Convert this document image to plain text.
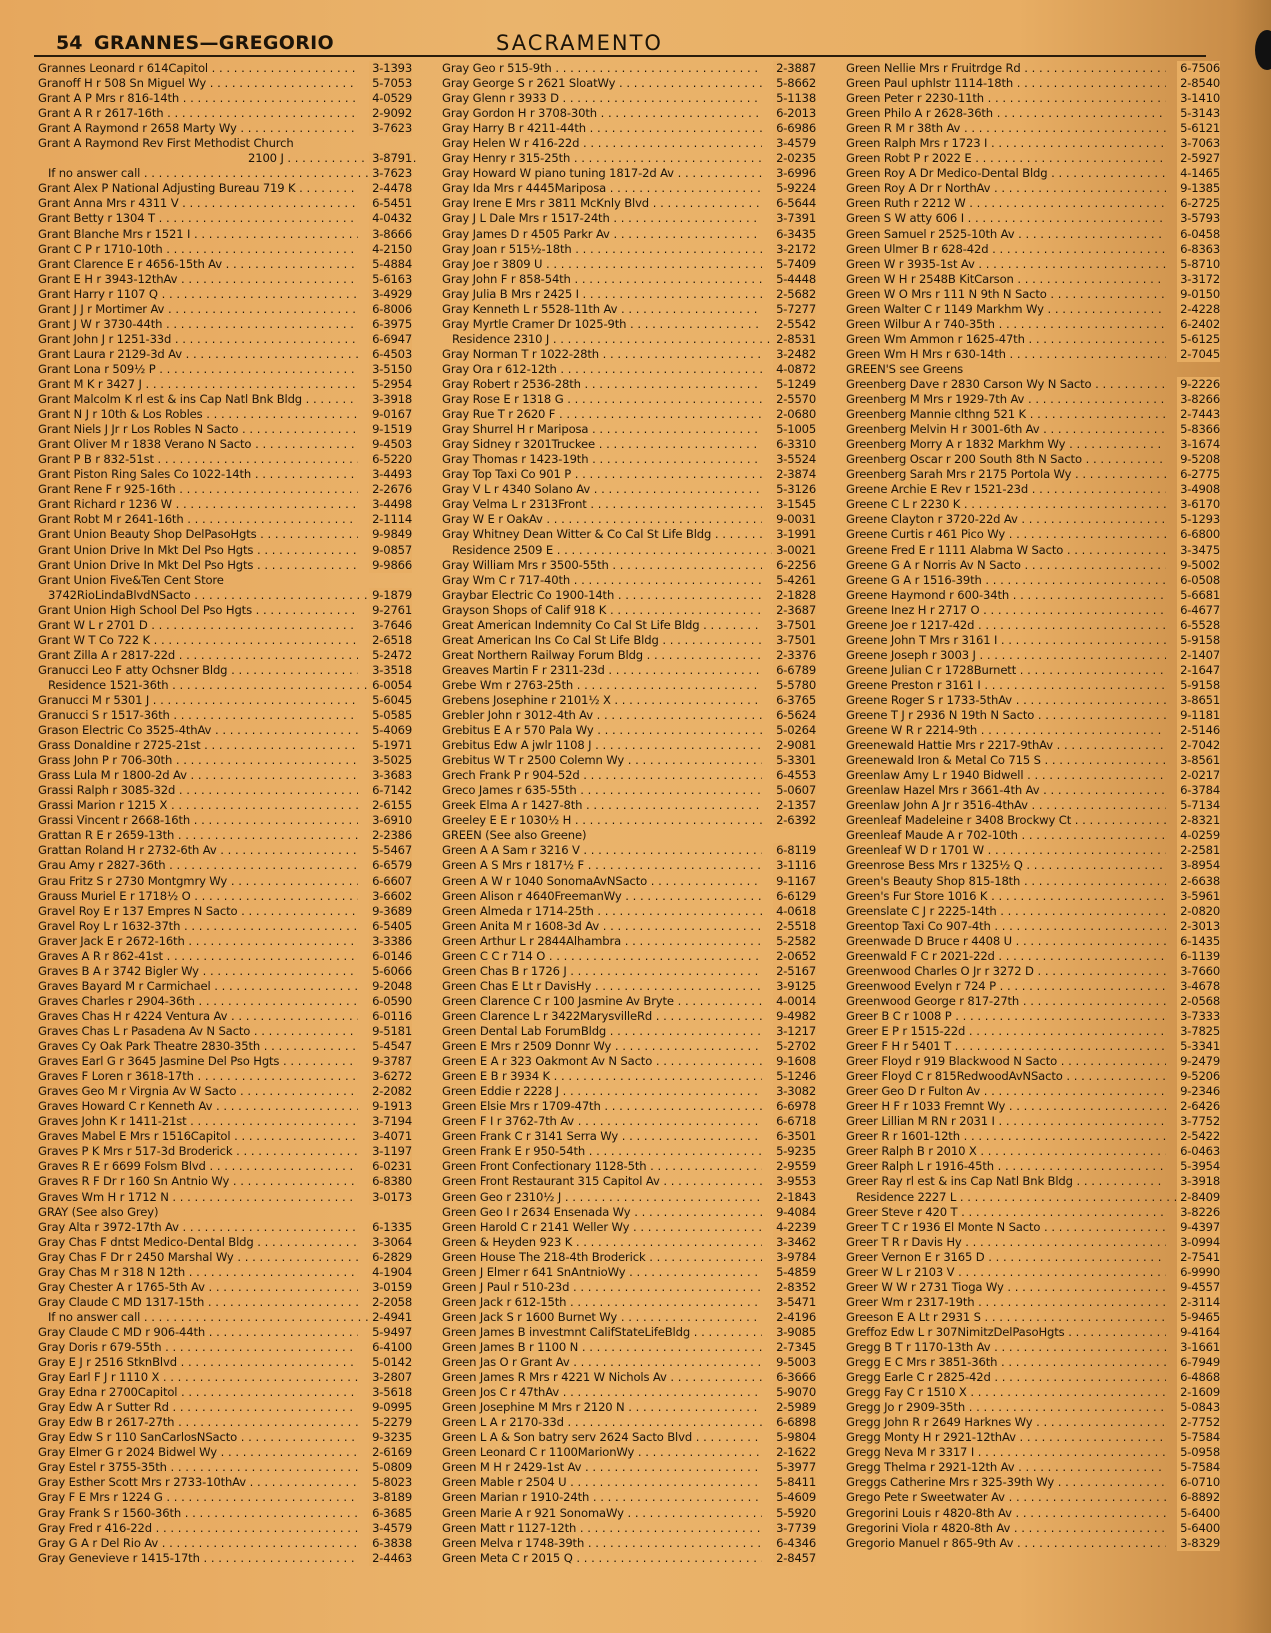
54 GRANNES—GREGORIO	SACRAMENTO
Grannes Leonard r 614Capitol . . .	3-1393
Granoff H r 508 Sn Miguel Wy . . .	5-7053
Grant A P Mrs r 816-14th . . .	4-0529
Grant A R r 2617-16th . . .	2-9092
Grant A Raymond r 2658 Marty Wy . . .	3-7623
Grant A Raymond Rev First Methodist Church
2100 J . . .	3-8791
If no answer call . . .	3-7623
Grant Alex P National Adjusting Bureau 719 K . . .	2-4478
Grant Anna Mrs r 4311 V . . .	6-5451
Grant Betty r 1304 T . . .	4-0432
Grant Blanche Mrs r 1521 I . . .	3-8666
Grant C P r 1710-10th . . .	4-2150
Grant Clarence E r 4656-15th Av . . .	5-4884
Grant E H r 3943-12thAv . . .	5-6163
Grant Harry r 1107 Q . . .	3-4929
Grant J J r Mortimer Av . . .	6-8006
Grant J W r 3730-44th . . .	6-3975
Grant John J r 1251-33d . . .	6-6947
Grant Laura r 2129-3d Av . . .	6-4503
Grant Lona r 509½ P . . .	3-5150
Grant M K r 3427 J . . .	5-2954
Grant Malcolm K rl est & ins Cap Natl Bnk Bldg . . .	3-3918
Grant N J r 10th & Los Robles . . .	9-0167
Grant Niels J Jr r Los Robles N Sacto . . .	9-1519
Grant Oliver M r 1838 Verano N Sacto . . .	9-4503
Grant P B r 832-51st . . .	6-5220
Grant Piston Ring Sales Co 1022-14th . . .	3-4493
Grant Rene F r 925-16th . . .	2-2676
Grant Richard r 1236 W . . .	3-4498
Grant Robt M r 2641-16th . . .	2-1114
Grant Union Beauty Shop DelPasoHgts . . .	9-9849
Grant Union Drive In Mkt Del Pso Hgts . . .	9-0857
Grant Union Drive In Mkt Del Pso Hgts . . .	9-9866
Grant Union Five&Ten Cent Store
3742RioLindaBlvdNSacto . . .	9-1879
Grant Union High School Del Pso Hgts . . .	9-2761
Grant W L r 2701 D . . .	3-7646
Grant W T Co 722 K . . .	2-6518
Grant Zilla A r 2817-22d . . .	5-2472
Granucci Leo F atty Ochsner Bldg . . .	3-3518
Residence 1521-36th . . .	6-0054
Granucci M r 5301 J . . .	5-6045
Granucci S r 1517-36th . . .	5-0585
Grason Electric Co 3525-4thAv . . .	5-4069
Grass Donaldine r 2725-21st . . .	5-1971
Grass John P r 706-30th . . .	3-5025
Grass Lula M r 1800-2d Av . . .	3-3683
Grassi Ralph r 3085-32d . . .	6-7142
Grassi Marion r 1215 X . . .	2-6155
Grassi Vincent r 2668-16th . . .	3-6910
Grattan R E r 2659-13th . . .	2-2386
Grattan Roland H r 2732-6th Av . . .	5-5467
Grau Amy r 2827-36th . . .	6-6579
Grau Fritz S r 2730 Montgmry Wy . . .	6-6607
Grauss Muriel E r 1718½ O . . .	3-6602
Gravel Roy E r 137 Empres N Sacto . . .	9-3689
Gravel Roy L r 1632-37th . . .	6-5405
Graver Jack E r 2672-16th . . .	3-3386
Graves A R r 862-41st . . .	6-0146
Graves B A r 3742 Bigler Wy . . .	5-6066
Graves Bayard M r Carmichael . . .	9-2048
Graves Charles r 2904-36th . . .	6-0590
Graves Chas H r 4224 Ventura Av . . .	6-0116
Graves Chas L r Pasadena Av N Sacto . . .	9-5181
Graves Cy Oak Park Theatre 2830-35th . . .	5-4547
Graves Earl G r 3645 Jasmine Del Pso Hgts . . .	9-3787
Graves F Loren r 3618-17th . . .	3-6272
Graves Geo M r Virgnia Av W Sacto . . .	2-2082
Graves Howard C r Kenneth Av . . .	9-1913
Graves John K r 1411-21st . . .	3-7194
Graves Mabel E Mrs r 1516Capitol . . .	3-4071
Graves P K Mrs r 517-3d Broderick . . .	3-1197
Graves R E r 6699 Folsm Blvd . . .	6-0231
Graves R F Dr r 160 Sn Antnio Wy . . .	6-8380
Graves Wm H r 1712 N . . .	3-0173
GRAY (See also Grey)
Gray Alta r 3972-17th Av . . .	6-1335
Gray Chas F dntst Medico-Dental Bldg . . .	3-3064
Gray Chas F Dr r 2450 Marshal Wy . . .	6-2829
Gray Chas M r 318 N 12th . . .	4-1904
Gray Chester A r 1765-5th Av . . .	3-0159
Gray Claude C MD 1317-15th . . .	2-2058
If no answer call . . .	2-4941
Gray Claude C MD r 906-44th . . .	5-9497
Gray Doris r 679-55th . . .	6-4100
Gray E J r 2516 StknBlvd . . .	5-0142
Gray Earl F J r 1110 X . . .	3-2807
Gray Edna r 2700Capitol . . .	3-5618
Gray Edw A r Sutter Rd . . .	9-0995
Gray Edw B r 2617-27th . . .	5-2279
Gray Edw S r 110 SanCarlosNSacto . . .	9-3235
Gray Elmer G r 2024 Bidwel Wy . . .	2-6169
Gray Estel r 3755-35th . . .	5-0809
Gray Esther Scott Mrs r 2733-10thAv . . .	5-8023
Gray F E Mrs r 1224 G . . .	3-8189
Gray Frank S r 1560-36th . . .	6-3685
Gray Fred r 416-22d . . .	3-4579
Gray G A r Del Rio Av . . .	6-3838
Gray Genevieve r 1415-17th . . .	2-4463
Gray Geo r 515-9th . . .	2-3887
Gray George S r 2621 SloatWy . . .	5-8662
Gray Glenn r 3933 D . . .	5-1138
Gray Gordon H r 3708-30th . . .	6-2013
Gray Harry B r 4211-44th . . .	6-6986
Gray Helen W r 416-22d . . .	3-4579
Gray Henry r 315-25th . . .	2-0235
Gray Howard W piano tuning 1817-2d Av . . .	3-6996
Gray Ida Mrs r 4445Mariposa . . .	5-9224
Gray Irene E Mrs r 3811 McKnly Blvd . . .	6-5644
Gray J L Dale Mrs r 1517-24th . . .	3-7391
Gray James D r 4505 Parkr Av . . .	6-3435
Gray Joan r 515½-18th . . .	3-2172
Gray Joe r 3809 U . . .	5-7409
Gray John F r 858-54th . . .	5-4448
Gray Julia B Mrs r 2425 I . . .	2-5682
Gray Kenneth L r 5528-11th Av . . .	5-7277
Gray Myrtle Cramer Dr 1025-9th . . .	2-5542
Residence 2310 J . . .	2-8531
Gray Norman T r 1022-28th . . .	3-2482
Gray Ora r 612-12th . . .	4-0872
Gray Robert r 2536-28th . . .	5-1249
Gray Rose E r 1318 G . . .	2-5570
Gray Rue T r 2620 F . . .	2-0680
Gray Shurrel H r Mariposa . . .	5-1005
Gray Sidney r 3201Truckee . . .	6-3310
Gray Thomas r 1423-19th . . .	3-5524
Gray Top Taxi Co 901 P . . .	2-3874
Gray V L r 4340 Solano Av . . .	5-3126
Gray Velma L r 2313Front . . .	3-1545
Gray W E r OakAv . . .	9-0031
Gray Whitney Dean Witter & Co Cal St Life Bldg . . .	3-1991
Residence 2509 E . . .	3-0021
Gray William Mrs r 3500-55th . . .	6-2256
Gray Wm C r 717-40th . . .	5-4261
Graybar Electric Co 1900-14th . . .	2-1828
Grayson Shops of Calif 918 K . . .	2-3687
Great American Indemnity Co Cal St Life Bldg . . .	3-7501
Great American Ins Co Cal St Life Bldg . . .	3-7501
Great Northern Railway Forum Bldg . . .	2-3376
Greaves Martin F r 2311-23d . . .	6-6789
Grebe Wm r 2763-25th . . .	5-5780
Grebens Josephine r 2101½ X . . .	6-3765
Grebler John r 3012-4th Av . . .	6-5624
Grebitus E A r 570 Pala Wy . . .	5-0264
Grebitus Edw A jwlr 1108 J . . .	2-9081
Grebitus W T r 2500 Colemn Wy . . .	5-3301
Grech Frank P r 904-52d . . .	6-4553
Greco James r 635-55th . . .	5-0607
Greek Elma A r 1427-8th . . .	2-1357
Greeley E E r 1030½ H . . .	2-6392
GREEN (See also Greene)
Green A A Sam r 3216 V . . .	6-8119
Green A S Mrs r 1817½ F . . .	3-1116
Green A W r 1040 SonomaAvNSacto . . .	9-1167
Green Alison r 4640FreemanWy . . .	6-6129
Green Almeda r 1714-25th . . .	4-0618
Green Anita M r 1608-3d Av . . .	2-5518
Green Arthur L r 2844Alhambra . . .	5-2582
Green C C r 714 O . . .	2-0652
Green Chas B r 1726 J . . .	2-5167
Green Chas E Lt r DavisHy . . .	3-9125
Green Clarence C r 100 Jasmine Av Bryte . . .	4-0014
Green Clarence L r 3422MarysvilleRd . . .	9-4982
Green Dental Lab ForumBldg . . .	3-1217
Green E Mrs r 2509 Donnr Wy . . .	5-2702
Green E A r 323 Oakmont Av N Sacto . . .	9-1608
Green E B r 3934 K . . .	5-1246
Green Eddie r 2228 J . . .	3-3082
Green Elsie Mrs r 1709-47th . . .	6-6978
Green F I r 3762-7th Av . . .	6-6718
Green Frank C r 3141 Serra Wy . . .	6-3501
Green Frank E r 950-54th . . .	5-9235
Green Front Confectionary 1128-5th . . .	2-9559
Green Front Restaurant 315 Capitol Av . . .	3-9553
Green Geo r 2310½ J . . .	2-1843
Green Geo I r 2634 Ensenada Wy . . .	9-4084
Green Harold C r 2141 Weller Wy . . .	4-2239
Green & Heyden 923 K . . .	3-3462
Green House The 218-4th Broderick . . .	3-9784
Green J Elmer r 641 SnAntnioWy . . .	5-4859
Green J Paul r 510-23d . . .	2-8352
Green Jack r 612-15th . . .	3-5471
Green Jack S r 1600 Burnet Wy . . .	2-4196
Green James B investmnt CalifStateLifeBldg . . .	3-9085
Green James B r 1100 N . . .	2-7345
Green Jas O r Grant Av . . .	9-5003
Green James R Mrs r 4221 W Nichols Av . . .	6-3666
Green Jos C r 47thAv . . .	5-9070
Green Josephine M Mrs r 2120 N . . .	2-5989
Green L A r 2170-33d . . .	6-6898
Green L A & Son batry serv 2624 Sacto Blvd . . .	5-9804
Green Leonard C r 1100MarionWy . . .	2-1622
Green M H r 2429-1st Av . . .	5-3977
Green Mable r 2504 U . . .	5-8411
Green Marian r 1910-24th . . .	5-4609
Green Marie A r 921 SonomaWy . . .	5-5920
Green Matt r 1127-12th . . .	3-7739
Green Melva r 1748-39th . . .	6-4346
Green Meta C r 2015 Q . . .	2-8457
Green Nellie Mrs r Fruitrdge Rd . . .	6-7506
Green Paul uphlstr 1114-18th . . .	2-8540
Green Peter r 2230-11th . . .	3-1410
Green Philo A r 2628-36th . . .	5-3143
Green R M r 38th Av . . .	5-6121
Green Ralph Mrs r 1723 I . . .	3-7063
Green Robt P r 2022 E . . .	2-5927
Green Roy A Dr Medico-Dental Bldg . . .	4-1465
Green Roy A Dr r NorthAv . . .	9-1385
Green Ruth r 2212 W . . .	6-2725
Green S W atty 606 I . . .	3-5793
Green Samuel r 2525-10th Av . . .	6-0458
Green Ulmer B r 628-42d . . .	6-8363
Green W r 3935-1st Av . . .	5-8710
Green W H r 2548B KitCarson . . .	3-3172
Green W O Mrs r 111 N 9th N Sacto . . .	9-0150
Green Walter C r 1149 Markhm Wy . . .	2-4228
Green Wilbur A r 740-35th . . .	6-2402
Green Wm Ammon r 1625-47th . . .	5-6125
Green Wm H Mrs r 630-14th . . .	2-7045
GREEN'S see Greens
Greenberg Dave r 2830 Carson Wy N Sacto . . .	9-2226
Greenberg M Mrs r 1929-7th Av . . .	3-8266
Greenberg Mannie clthng 521 K . . .	2-7443
Greenberg Melvin H r 3001-6th Av . . .	5-8366
Greenberg Morry A r 1832 Markhm Wy . . .	3-1674
Greenberg Oscar r 200 South 8th N Sacto . . .	9-5208
Greenberg Sarah Mrs r 2175 Portola Wy . . .	6-2775
Greene Archie E Rev r 1521-23d . . .	3-4908
Greene C L r 2230 K . . .	3-6170
Greene Clayton r 3720-22d Av . . .	5-1293
Greene Curtis r 461 Pico Wy . . .	6-6800
Greene Fred E r 1111 Alabma W Sacto . . .	3-3475
Greene G A r Norris Av N Sacto . . .	9-5002
Greene G A r 1516-39th . . .	6-0508
Greene Haymond r 600-34th . . .	5-6681
Greene Inez H r 2717 O . . .	6-4677
Greene Joe r 1217-42d . . .	6-5528
Greene John T Mrs r 3161 I . . .	5-9158
Greene Joseph r 3003 J . . .	2-1407
Greene Julian C r 1728Burnett . . .	2-1647
Greene Preston r 3161 I . . .	5-9158
Greene Roger S r 1733-5thAv . . .	3-8651
Greene T J r 2936 N 19th N Sacto . . .	9-1181
Greene W R r 2214-9th . . .	2-5146
Greenewald Hattie Mrs r 2217-9thAv . . .	2-7042
Greenewald Iron & Metal Co 715 S . . .	3-8561
Greenlaw Amy L r 1940 Bidwell . . .	2-0217
Greenlaw Hazel Mrs r 3661-4th Av . . .	6-3784
Greenlaw John A Jr r 3516-4thAv . . .	5-7134
Greenleaf Madeleine r 3408 Brockwy Ct . . .	2-8321
Greenleaf Maude A r 702-10th . . .	4-0259
Greenleaf W D r 1701 W . . .	2-2581
Greenrose Bess Mrs r 1325½ Q . . .	3-8954
Green's Beauty Shop 815-18th . . .	2-6638
Green's Fur Store 1016 K . . .	3-5961
Greenslate C J r 2225-14th . . .	2-0820
Greentop Taxi Co 907-4th . . .	2-3013
Greenwade D Bruce r 4408 U . . .	6-1435
Greenwald F C r 2021-22d . . .	6-1139
Greenwood Charles O Jr r 3272 D . . .	3-7660
Greenwood Evelyn r 724 P . . .	3-4678
Greenwood George r 817-27th . . .	2-0568
Greer B C r 1008 P . . .	3-7333
Greer E P r 1515-22d . . .	3-7825
Greer F H r 5401 T . . .	5-3341
Greer Floyd r 919 Blackwood N Sacto . . .	9-2479
Greer Floyd C r 815RedwoodAvNSacto . . .	9-5206
Greer Geo D r Fulton Av . . .	9-2346
Greer H F r 1033 Fremnt Wy . . .	2-6426
Greer Lillian M RN r 2031 I . . .	3-7752
Greer R r 1601-12th . . .	2-5422
Greer Ralph B r 2010 X . . .	6-0463
Greer Ralph L r 1916-45th . . .	5-3954
Greer Ray rl est & ins Cap Natl Bnk Bldg . . .	3-3918
Residence 2227 L . . .	2-8409
Greer Steve r 420 T . . .	3-8226
Greer T C r 1936 El Monte N Sacto . . .	9-4397
Greer T R r Davis Hy . . .	3-0994
Greer Vernon E r 3165 D . . .	2-7541
Greer W L r 2103 V . . .	6-9990
Greer W W r 2731 Tioga Wy . . .	9-4557
Greer Wm r 2317-19th . . .	2-3114
Greeson E A Lt r 2931 S . . .	5-9465
Greffoz Edw L r 307NimitzDelPasoHgts . . .	9-4164
Gregg B T r 1170-13th Av . . .	3-1661
Gregg E C Mrs r 3851-36th . . .	6-7949
Gregg Earle C r 2825-42d . . .	6-4868
Gregg Fay C r 1510 X . . .	2-1609
Gregg Jo r 2909-35th . . .	5-0843
Gregg John R r 2649 Harknes Wy . . .	2-7752
Gregg Monty H r 2921-12thAv . . .	5-7584
Gregg Neva M r 3317 I . . .	5-0958
Gregg Thelma r 2921-12th Av . . .	5-7584
Greggs Catherine Mrs r 325-39th Wy . . .	6-0710
Grego Pete r Sweetwater Av . . .	6-8892
Gregorini Louis r 4820-8th Av . . .	5-6400
Gregorini Viola r 4820-8th Av . . .	5-6400
Gregorio Manuel r 865-9th Av . . .	3-8329
